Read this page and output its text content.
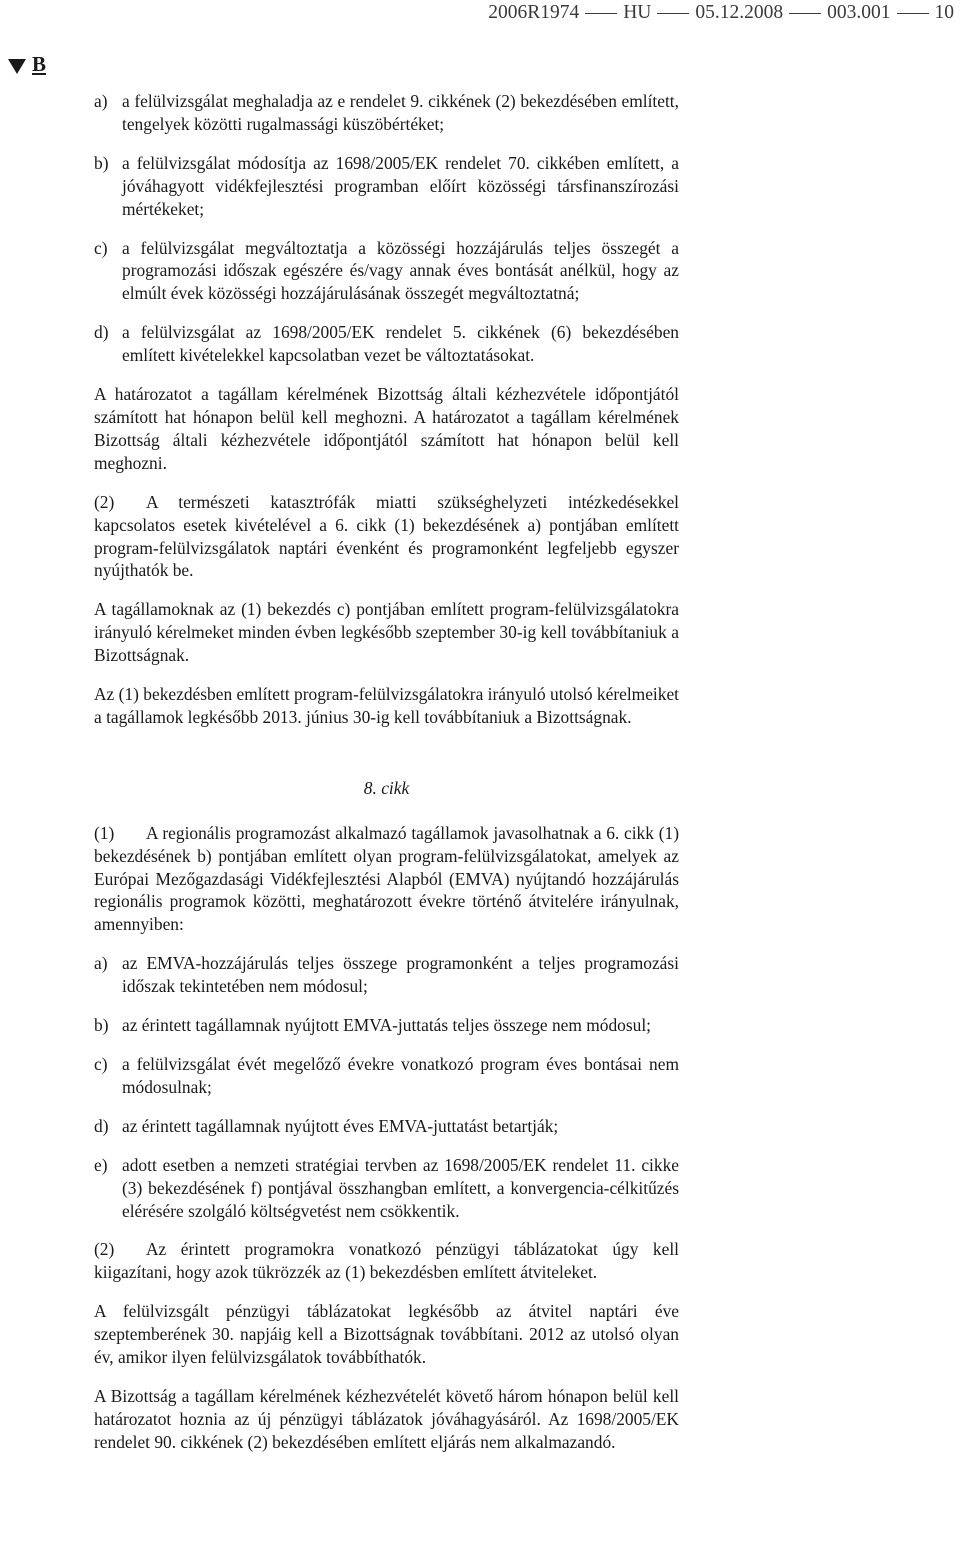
2006R1974 HU 05.12.2008 003.001 10
B
a) a felülvizsgálat meghaladja az e rendelet 9. cikkének (2) bekezdésében említett, tengelyek közötti rugalmassági küszöbértéket;
b) a felülvizsgálat módosítja az 1698/2005/EK rendelet 70. cikkében említett, a jóváhagyott vidékfejlesztési programban előírt közösségi társfinanszírozási mértékeket;
c) a felülvizsgálat megváltoztatja a közösségi hozzájárulás teljes összegét a programozási időszak egészére és/vagy annak éves bontását anélkül, hogy az elmúlt évek közösségi hozzájárulásának összegét megváltoztatná;
d) a felülvizsgálat az 1698/2005/EK rendelet 5. cikkének (6) bekezdésében említett kivételekkel kapcsolatban vezet be változtatásokat.

A határozatot a tagállam kérelmének Bizottság általi kézhezvétele időpontjától számított hat hónapon belül kell meghozni. A határozatot a tagállam kérelmének Bizottság általi kézhezvétele időpontjától számított hat hónapon belül kell meghozni.

(2) A természeti katasztrófák miatti szükséghelyzeti intézkedésekkel kapcsolatos esetek kivételével a 6. cikk (1) bekezdésének a) pontjában említett program-felülvizsgálatok naptári évenként és programonként legfeljebb egyszer nyújthatók be.

A tagállamoknak az (1) bekezdés c) pontjában említett program-felülvizsgálatokra irányuló kérelmeket minden évben legkésőbb szeptember 30-ig kell továbbítaniuk a Bizottságnak.

Az (1) bekezdésben említett program-felülvizsgálatokra irányuló utolsó kérelmeiket a tagállamok legkésőbb 2013. június 30-ig kell továbbítaniuk a Bizottságnak.

8. cikk

(1) A regionális programozást alkalmazó tagállamok javasolhatnak a 6. cikk (1) bekezdésének b) pontjában említett olyan program-felülvizsgálatokat, amelyek az Európai Mezőgazdasági Vidékfejlesztési Alapból (EMVA) nyújtandó hozzájárulás regionális programok közötti, meghatározott évekre történő átvitelére irányulnak, amennyiben:

a) az EMVA-hozzájárulás teljes összege programonként a teljes programozási időszak tekintetében nem módosul;
b) az érintett tagállamnak nyújtott EMVA-juttatás teljes összege nem módosul;
c) a felülvizsgálat évét megelőző évekre vonatkozó program éves bontásai nem módosulnak;
d) az érintett tagállamnak nyújtott éves EMVA-juttatást betartják;
e) adott esetben a nemzeti stratégiai tervben az 1698/2005/EK rendelet 11. cikke (3) bekezdésének f) pontjával összhangban említett, a konvergencia-célkitűzés elérésére szolgáló költségvetést nem csökkentik.

(2) Az érintett programokra vonatkozó pénzügyi táblázatokat úgy kell kiigazítani, hogy azok tükrözzék az (1) bekezdésben említett átviteleket.

A felülvizsgált pénzügyi táblázatokat legkésőbb az átvitel naptári éve szeptemberének 30. napjáig kell a Bizottságnak továbbítani. 2012 az utolsó olyan év, amikor ilyen felülvizsgálatok továbbíthatók.

A Bizottság a tagállam kérelmének kézhezvételét követő három hónapon belül kell határozatot hoznia az új pénzügyi táblázatok jóváhagyásáról. Az 1698/2005/EK rendelet 90. cikkének (2) bekezdésében említett eljárás nem alkalmazandó.
